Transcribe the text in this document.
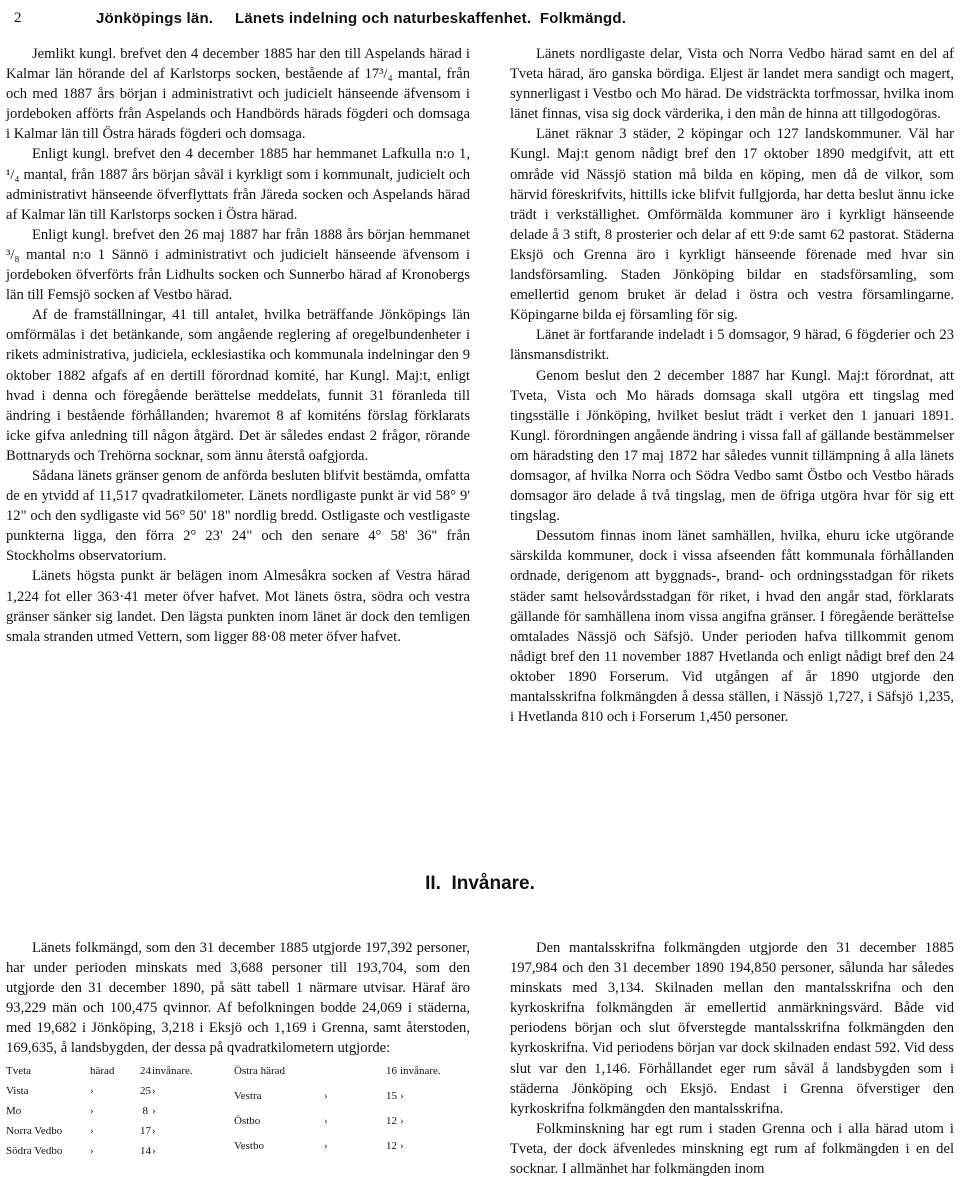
2	Jönköpings län.     Länets indelning och naturbeskaffenhet.  Folkmängd.

Jemlikt kungl. brefvet den 4 december 1885 har den till Aspelands härad i Kalmar län hörande del af Karlstorps socken, bestående af 17³/₄ mantal, från och med 1887 års början i administrativt och judicielt hänseende äfvensom i jordeboken afförts från Aspelands och Handbörds härads fögderi och domsaga i Kalmar län till Östra härads fögderi och domsaga.

Enligt kungl. brefvet den 4 december 1885 har hemmanet Lafkulla n:o 1, ¹/₄ mantal, från 1887 års början såväl i kyrkligt som i kommunalt, judicielt och administrativt hänseende öfverflyttats från Järeda socken och Aspelands härad af Kalmar län till Karlstorps socken i Östra härad.

Enligt kungl. brefvet den 26 maj 1887 har från 1888 års början hemmanet ³/₈ mantal n:o 1 Sännö i administrativt och judicielt hänseende äfvensom i jordeboken öfverförts från Lidhults socken och Sunnerbo härad af Kronobergs län till Femsjö socken af Vestbo härad.

Af de framställningar, 41 till antalet, hvilka beträffande Jönköpings län omförmälas i det betänkande, som angående reglering af oregelbundenheter i rikets administrativa, judiciela, ecklesiastika och kommunala indelningar den 9 oktober 1882 afgafs af en dertill förordnad komité, har Kungl. Maj:t, enligt hvad i denna och föregående berättelse meddelats, funnit 31 föranleda till ändring i bestående förhållanden; hvaremot 8 af komiténs förslag förklarats icke gifva anledning till någon åtgärd. Det är således endast 2 frågor, rörande Bottnaryds och Trehörna socknar, som ännu återstå oafgjorda.

Sådana länets gränser genom de anförda besluten blifvit bestämda, omfatta de en ytvidd af 11,517 qvadratkilometer. Länets nordligaste punkt är vid 58° 9' 12" och den sydligaste vid 56° 50' 18" nordlig bredd. Ostligaste och vestligaste punkterna ligga, den förra 2° 23' 24" och den senare 4° 58' 36" från Stockholms observatorium.

Länets högsta punkt är belägen inom Almesåkra socken af Vestra härad 1,224 fot eller 363·41 meter öfver hafvet. Mot länets östra, södra och vestra gränser sänker sig landet. Den lägsta punkten inom länet är dock den temligen smala stranden utmed Vettern, som ligger 88·08 meter öfver hafvet.

Länets nordligaste delar, Vista och Norra Vedbo härad samt en del af Tveta härad, äro ganska bördiga. Eljest är landet mera sandigt och magert, synnerligast i Vestbo och Mo härad. De vidsträckta torfmossar, hvilka inom länet finnas, visa sig dock värderika, i den mån de hinna att tillgodogöras.

Länet räknar 3 städer, 2 köpingar och 127 landskommuner. Väl har Kungl. Maj:t genom nådigt bref den 17 oktober 1890 medgifvit, att ett område vid Nässjö station må bilda en köping, men då de vilkor, som härvid föreskrifvits, hittills icke blifvit fullgjorda, har detta beslut ännu icke trädt i verkställighet. Omförmälda kommuner äro i kyrkligt hänseende delade å 3 stift, 8 prosterier och delar af ett 9:de samt 62 pastorat. Städerna Eksjö och Grenna äro i kyrkligt hänseende förenade med hvar sin landsförsamling. Staden Jönköping bildar en stadsförsamling, som emellertid genom bruket är delad i östra och vestra församlingarne. Köpingarne bilda ej församling för sig.

Länet är fortfarande indeladt i 5 domsagor, 9 härad, 6 fögderier och 23 länsmansdistrikt.

Genom beslut den 2 december 1887 har Kungl. Maj:t förordnat, att Tveta, Vista och Mo härads domsaga skall utgöra ett tingslag med tingsställe i Jönköping, hvilket beslut trädt i verket den 1 januari 1891. Kungl. förordningen angående ändring i vissa fall af gällande bestämmelser om häradsting den 17 maj 1872 har således vunnit tillämpning å alla länets domsagor, af hvilka Norra och Södra Vedbo samt Östbo och Vestbo härads domsagor äro delade å två tingslag, men de öfriga utgöra hvar för sig ett tingslag.

Dessutom finnas inom länet samhällen, hvilka, ehuru icke utgörande särskilda kommuner, dock i vissa afseenden fått kommunala förhållanden ordnade, derigenom att byggnads-, brand- och ordningsstadgan för rikets städer samt helsovårdsstadgan för riket, i hvad den angår stad, förklarats gällande för samhällena inom vissa angifna gränser. I föregående berättelse omtalades Nässjö och Säfsjö. Under perioden hafva tillkommit genom nådigt bref den 11 november 1887 Hvetlanda och enligt nådigt bref den 24 oktober 1890 Forserum. Vid utgången af år 1890 utgjorde den mantalsskrifna folkmängden å dessa ställen, i Nässjö 1,727, i Säfsjö 1,235, i Hvetlanda 810 och i Forserum 1,450 personer.

II.  Invånare.

Länets folkmängd, som den 31 december 1885 utgjorde 197,392 personer, har under perioden minskats med 3,688 personer till 193,704, som den utgjorde den 31 december 1890, på sätt tabell 1 närmare utvisar. Häraf äro 93,229 män och 100,475 qvinnor. Af befolkningen bodde 24,069 i städerna, med 19,682 i Jönköping, 3,218 i Eksjö och 1,169 i Grenna, samt återstoden, 169,635, å landsbygden, der dessa på qvadratkilometern utgjorde:

Tveta	härad	24 invånare.
Vista	›	25 ›
Mo	›	8 ›
Norra Vedbo	›	17 ›
Södra Vedbo	›	14 ›
Östra härad	16 invånare.
Vestra	›	15 ›
Östbo	›	12 ›
Vestbo	›	12 ›

Den mantalsskrifna folkmängden utgjorde den 31 december 1885 197,984 och den 31 december 1890 194,850 personer, sålunda har således minskats med 3,134. Skilnaden mellan den mantalsskrifna och den kyrkoskrifna folkmängden är emellertid anmärkningsvärd. Både vid periodens början och slut öfverstegde mantalsskrifna folkmängden den kyrkoskrifna. Vid periodens början var dock skilnaden endast 592. Vid dess slut var den 1,146. Förhållandet eger rum såväl å landsbygden som i städerna Jönköping och Eksjö. Endast i Grenna öfverstiger den kyrkoskrifna folkmängden den mantalsskrifna.

Folkminskning har egt rum i staden Grenna och i alla härad utom i Tveta, der dock äfvenledes minskning egt rum af folkmängden i en del socknar. I allmänhet har folkmängden inom
